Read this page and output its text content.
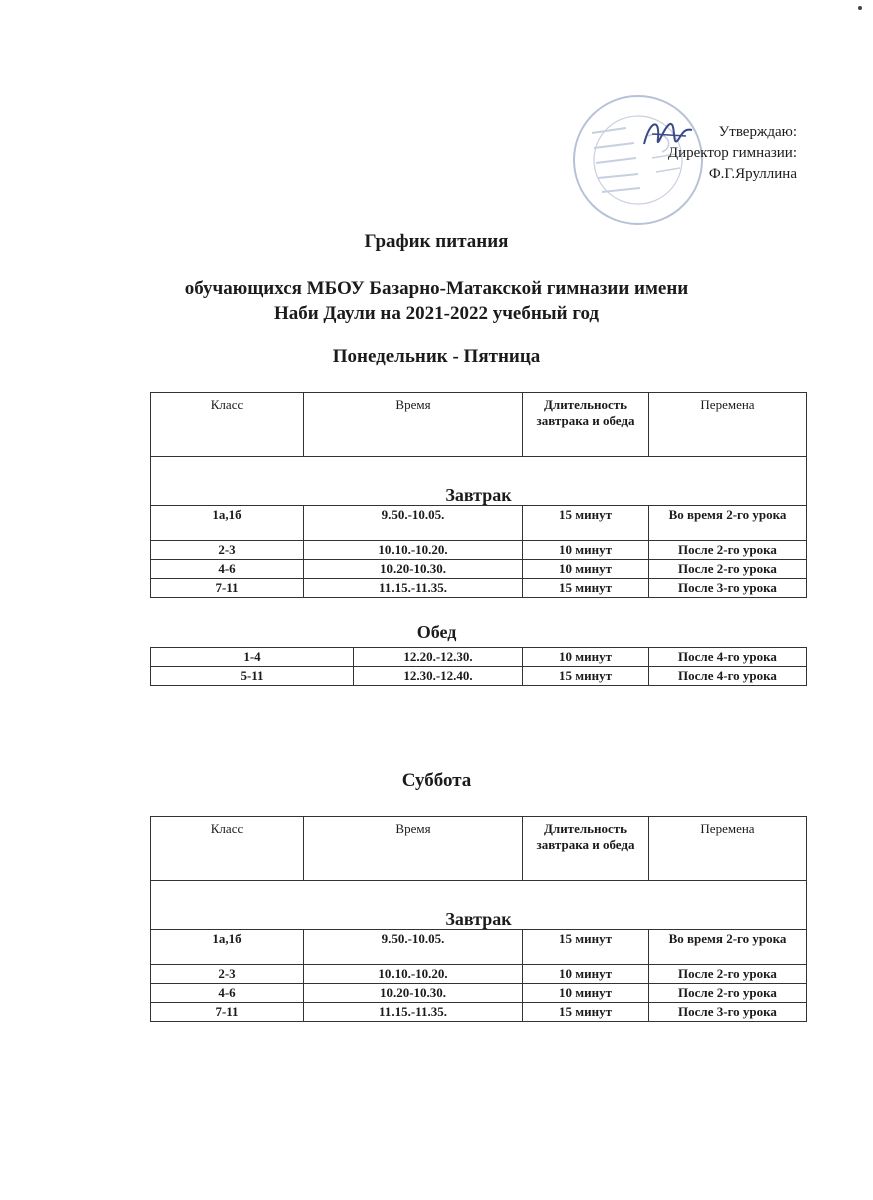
Утверждаю:
Директор гимназии:
Ф.Г.Яруллина
График питания
обучающихся МБОУ Базарно-Матакской гимназии имени
Наби Даули на 2021-2022 учебный год
Понедельник - Пятница
Класс	Время	Длительность завтрака и обеда	Перемена
Завтрак			
1а,1б	9.50.-10.05.	15 минут	Во время 2-го урока
2-3	10.10.-10.20.	10 минут	После 2-го урока
4-6	10.20-10.30.	10 минут	После 2-го урока
7-11	11.15.-11.35.	15 минут	После 3-го урока
Обед
1-4	12.20.-12.30.	10 минут	После 4-го урока
5-11	12.30.-12.40.	15 минут	После 4-го урока
Суббота
Класс	Время	Длительность завтрака и обеда	Перемена
Завтрак			
1а,1б	9.50.-10.05.	15 минут	Во время 2-го урока
2-3	10.10.-10.20.	10 минут	После 2-го урока
4-6	10.20-10.30.	10 минут	После 2-го урока
7-11	11.15.-11.35.	15 минут	После 3-го урока
